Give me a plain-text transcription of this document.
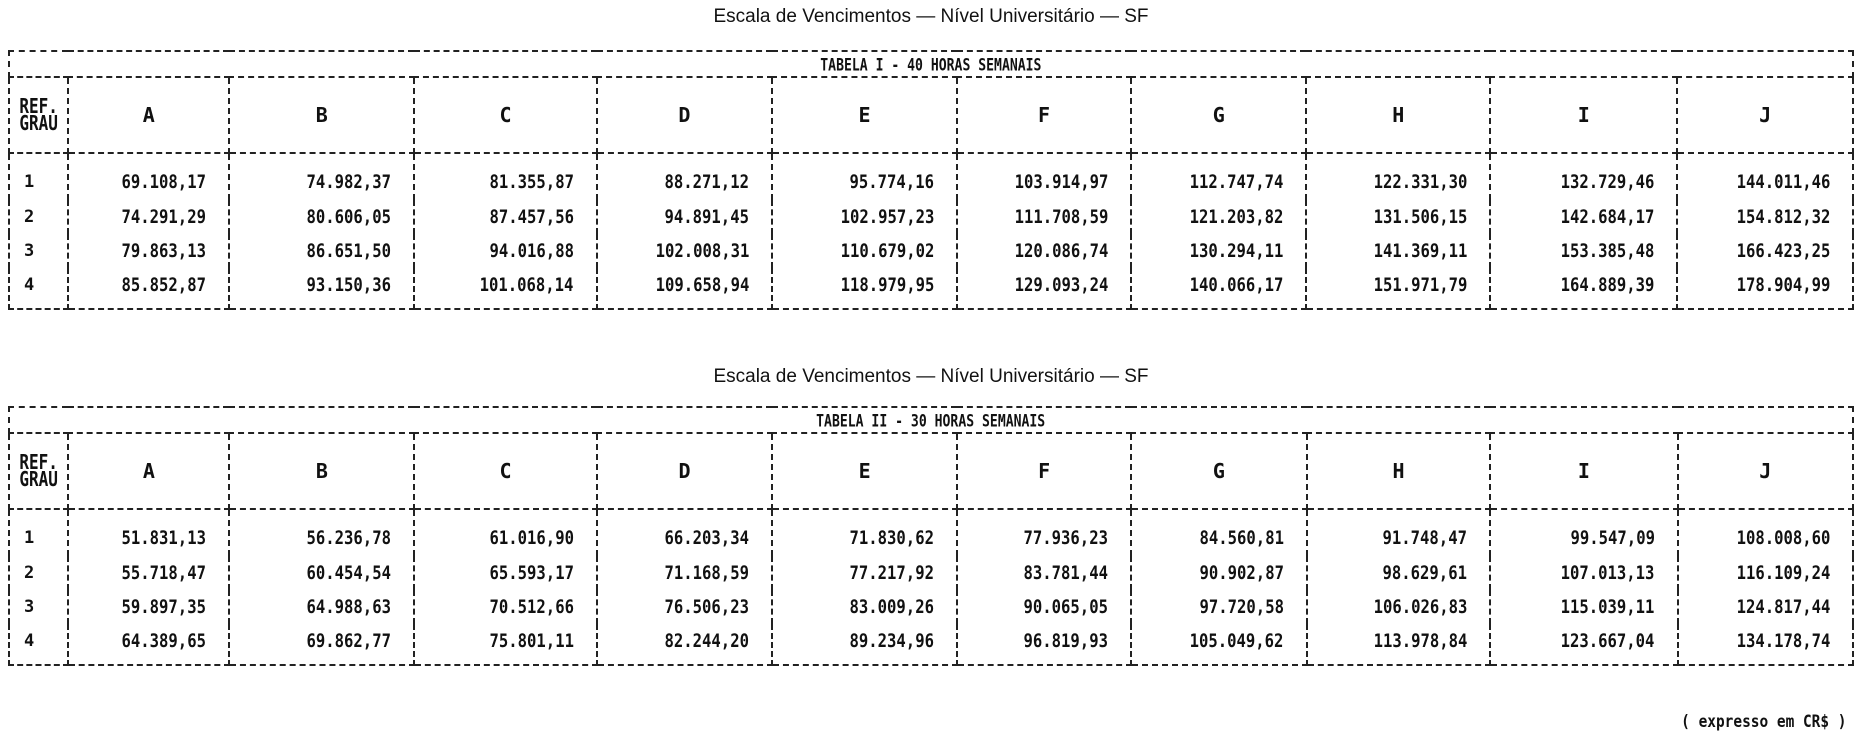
Escala de Vencimentos — Nível Universitário — SF
TABELA I - 40 HORAS SEMANAIS										

REF.
GRAU	A	B	C	D	E	F	G	H	I	J
1	69.108,17	74.982,37	81.355,87	88.271,12	95.774,16	103.914,97	112.747,74	122.331,30	132.729,46	144.011,46
2	74.291,29	80.606,05	87.457,56	94.891,45	102.957,23	111.708,59	121.203,82	131.506,15	142.684,17	154.812,32
3	79.863,13	86.651,50	94.016,88	102.008,31	110.679,02	120.086,74	130.294,11	141.369,11	153.385,48	166.423,25
4	85.852,87	93.150,36	101.068,14	109.658,94	118.979,95	129.093,24	140.066,17	151.971,79	164.889,39	178.904,99
Escala de Vencimentos — Nível Universitário — SF
TABELA II - 30 HORAS SEMANAIS										

REF.
GRAU	A	B	C	D	E	F	G	H	I	J
1	51.831,13	56.236,78	61.016,90	66.203,34	71.830,62	77.936,23	84.560,81	91.748,47	99.547,09	108.008,60
2	55.718,47	60.454,54	65.593,17	71.168,59	77.217,92	83.781,44	90.902,87	98.629,61	107.013,13	116.109,24
3	59.897,35	64.988,63	70.512,66	76.506,23	83.009,26	90.065,05	97.720,58	106.026,83	115.039,11	124.817,44
4	64.389,65	69.862,77	75.801,11	82.244,20	89.234,96	96.819,93	105.049,62	113.978,84	123.667,04	134.178,74
( expresso em CR$ )
